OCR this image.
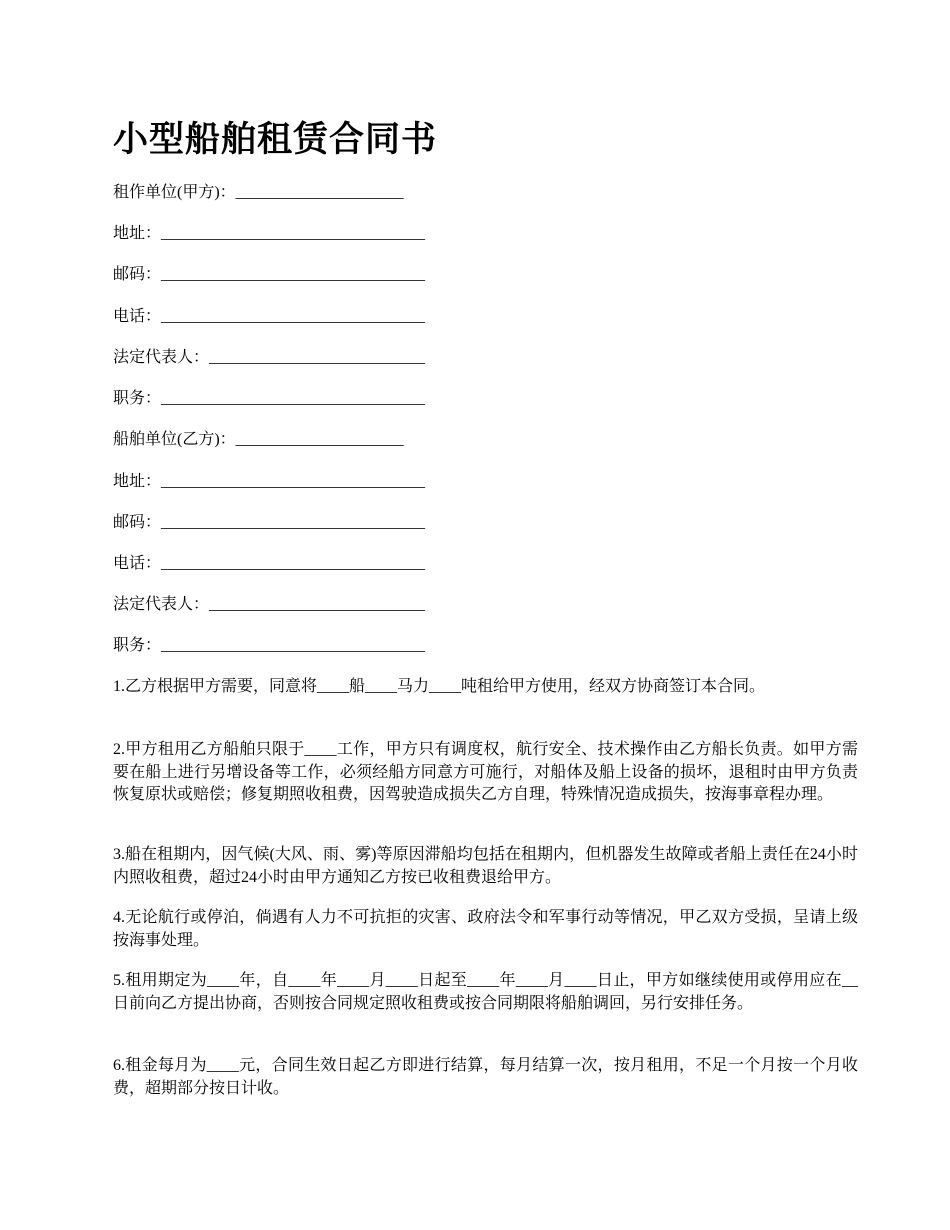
小型船舶租赁合同书
租作单位(甲方)：_____________________
地址：_________________________________
邮码：_________________________________
电话：_________________________________
法定代表人：___________________________
职务：_________________________________
船舶单位(乙方)：_____________________
地址：_________________________________
邮码：_________________________________
电话：_________________________________
法定代表人：___________________________
职务：_________________________________

1.乙方根据甲方需要，同意将____船____马力____吨租给甲方使用，经双方协商签订本合同。

2.甲方租用乙方船舶只限于____工作，甲方只有调度权，航行安全、技术操作由乙方船长负责。如甲方需要在船上进行另增设备等工作，必须经船方同意方可施行，对船体及船上设备的损坏，退租时由甲方负责恢复原状或赔偿；修复期照收租费，因驾驶造成损失乙方自理，特殊情况造成损失，按海事章程办理。

3.船在租期内，因气候(大风、雨、雾)等原因滞船均包括在租期内，但机器发生故障或者船上责任在24小时内照收租费，超过24小时由甲方通知乙方按已收租费退给甲方。

4.无论航行或停泊，倘遇有人力不可抗拒的灾害、政府法令和军事行动等情况，甲乙双方受损，呈请上级按海事处理。

5.租用期定为____年，自____年____月____日起至____年____月____日止，甲方如继续使用或停用应在__日前向乙方提出协商，否则按合同规定照收租费或按合同期限将船舶调回，另行安排任务。

6.租金每月为____元，合同生效日起乙方即进行结算，每月结算一次，按月租用，不足一个月按一个月收费，超期部分按日计收。
